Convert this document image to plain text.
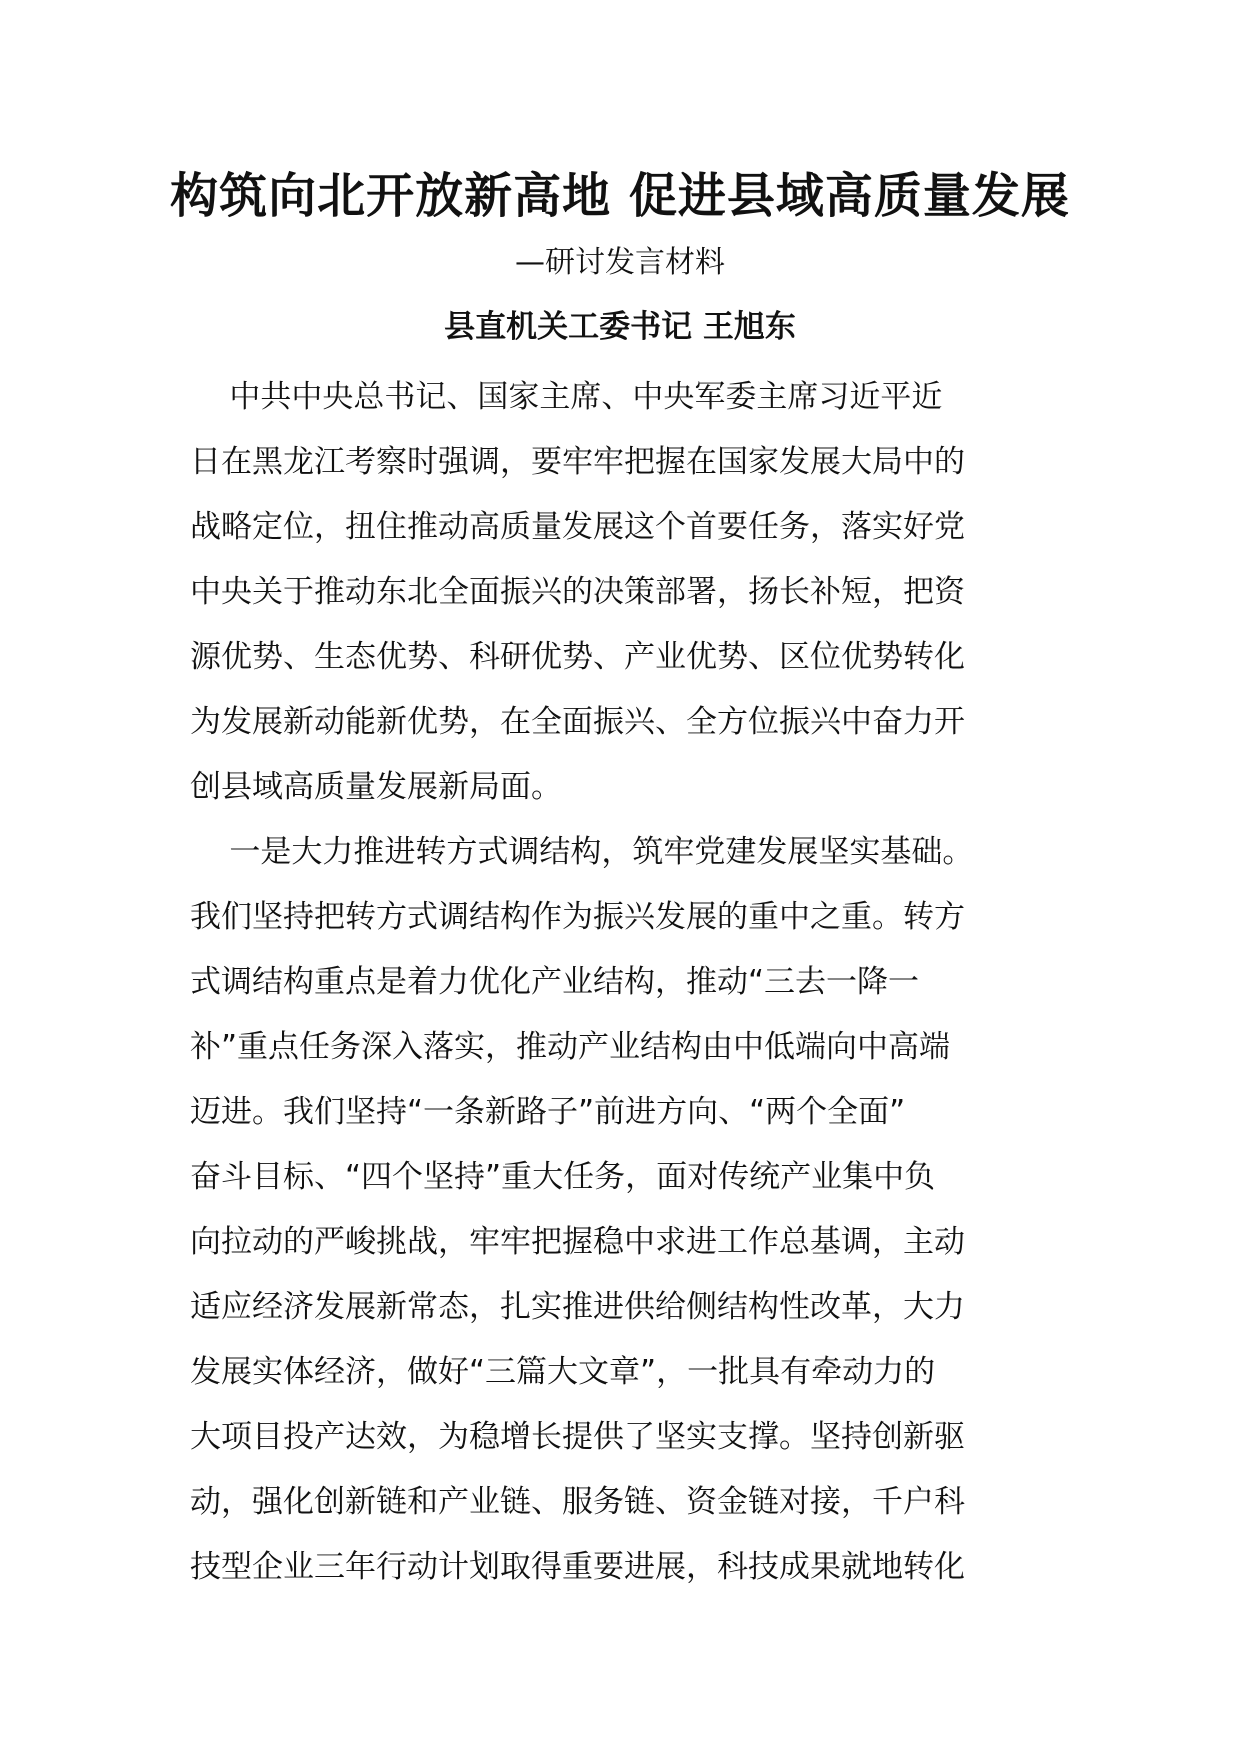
构筑向北开放新高地 促进县域高质量发展
—研讨发言材料
县直机关工委书记 王旭东
中共中央总书记、国家主席、中央军委主席习近平近
日在黑龙江考察时强调，要牢牢把握在国家发展大局中的
战略定位，扭住推动高质量发展这个首要任务，落实好党
中央关于推动东北全面振兴的决策部署，扬长补短，把资
源优势、生态优势、科研优势、产业优势、区位优势转化
为发展新动能新优势，在全面振兴、全方位振兴中奋力开
创县域高质量发展新局面。
一是大力推进转方式调结构，筑牢党建发展坚实基础。
我们坚持把转方式调结构作为振兴发展的重中之重。转方
式调结构重点是着力优化产业结构，推动“三去一降一
补”重点任务深入落实，推动产业结构由中低端向中高端
迈进。我们坚持“一条新路子”前进方向、“两个全面”
奋斗目标、“四个坚持”重大任务，面对传统产业集中负
向拉动的严峻挑战，牢牢把握稳中求进工作总基调，主动
适应经济发展新常态，扎实推进供给侧结构性改革，大力
发展实体经济，做好“三篇大文章”，一批具有牵动力的
大项目投产达效，为稳增长提供了坚实支撑。坚持创新驱
动，强化创新链和产业链、服务链、资金链对接，千户科
技型企业三年行动计划取得重要进展，科技成果就地转化
